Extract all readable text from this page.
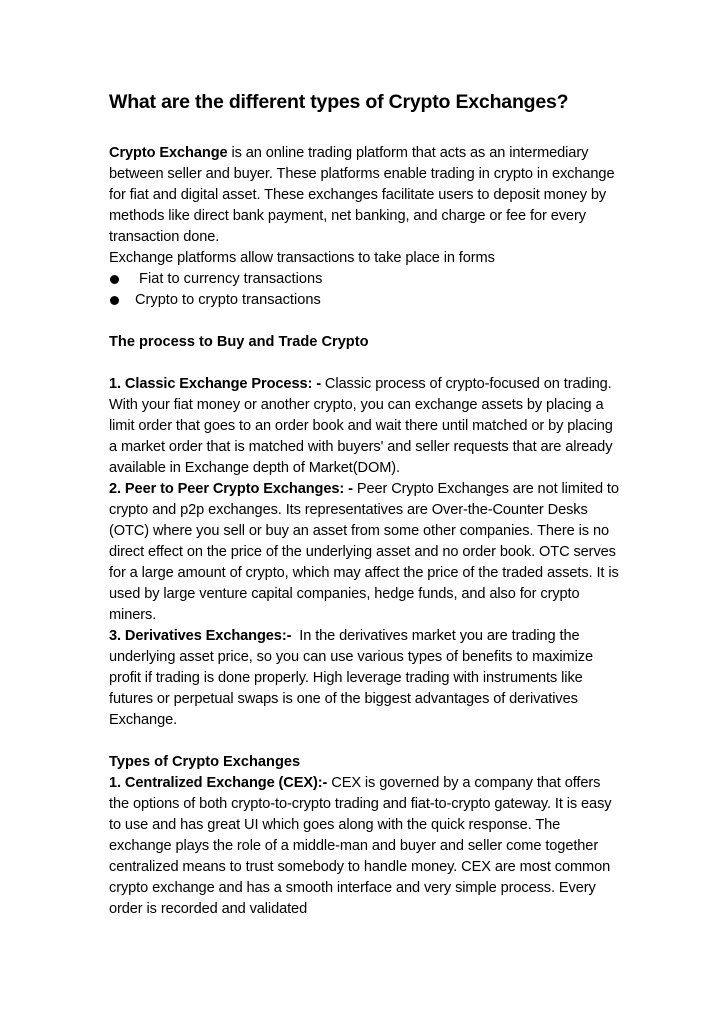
What are the different types of Crypto Exchanges?

Crypto Exchange is an online trading platform that acts as an intermediary between seller and buyer. These platforms enable trading in crypto in exchange for fiat and digital asset. These exchanges facilitate users to deposit money by methods like direct bank payment, net banking, and charge or fee for every transaction done.

Exchange platforms allow transactions to take place in forms

Fiat to currency transactions
Crypto to crypto transactions

The process to Buy and Trade Crypto

1. Classic Exchange Process: - Classic process of crypto-focused on trading. With your fiat money or another crypto, you can exchange assets by placing a limit order that goes to an order book and wait there until matched or by placing a market order that is matched with buyers' and seller requests that are already available in Exchange depth of Market(DOM).

2. Peer to Peer Crypto Exchanges: - Peer Crypto Exchanges are not limited to crypto and p2p exchanges. Its representatives are Over-the-Counter Desks (OTC) where you sell or buy an asset from some other companies. There is no direct effect on the price of the underlying asset and no order book. OTC serves for a large amount of crypto, which may affect the price of the traded assets. It is used by large venture capital companies, hedge funds, and also for crypto miners.

3. Derivatives Exchanges:-  In the derivatives market you are trading the underlying asset price, so you can use various types of benefits to maximize profit if trading is done properly. High leverage trading with instruments like futures or perpetual swaps is one of the biggest advantages of derivatives Exchange.

Types of Crypto Exchanges

1. Centralized Exchange (CEX):- CEX is governed by a company that offers the options of both crypto-to-crypto trading and fiat-to-crypto gateway. It is easy to use and has great UI which goes along with the quick response. The exchange plays the role of a middle-man and buyer and seller come together centralized means to trust somebody to handle money. CEX are most common crypto exchange and has a smooth interface and very simple process. Every order is recorded and validated
